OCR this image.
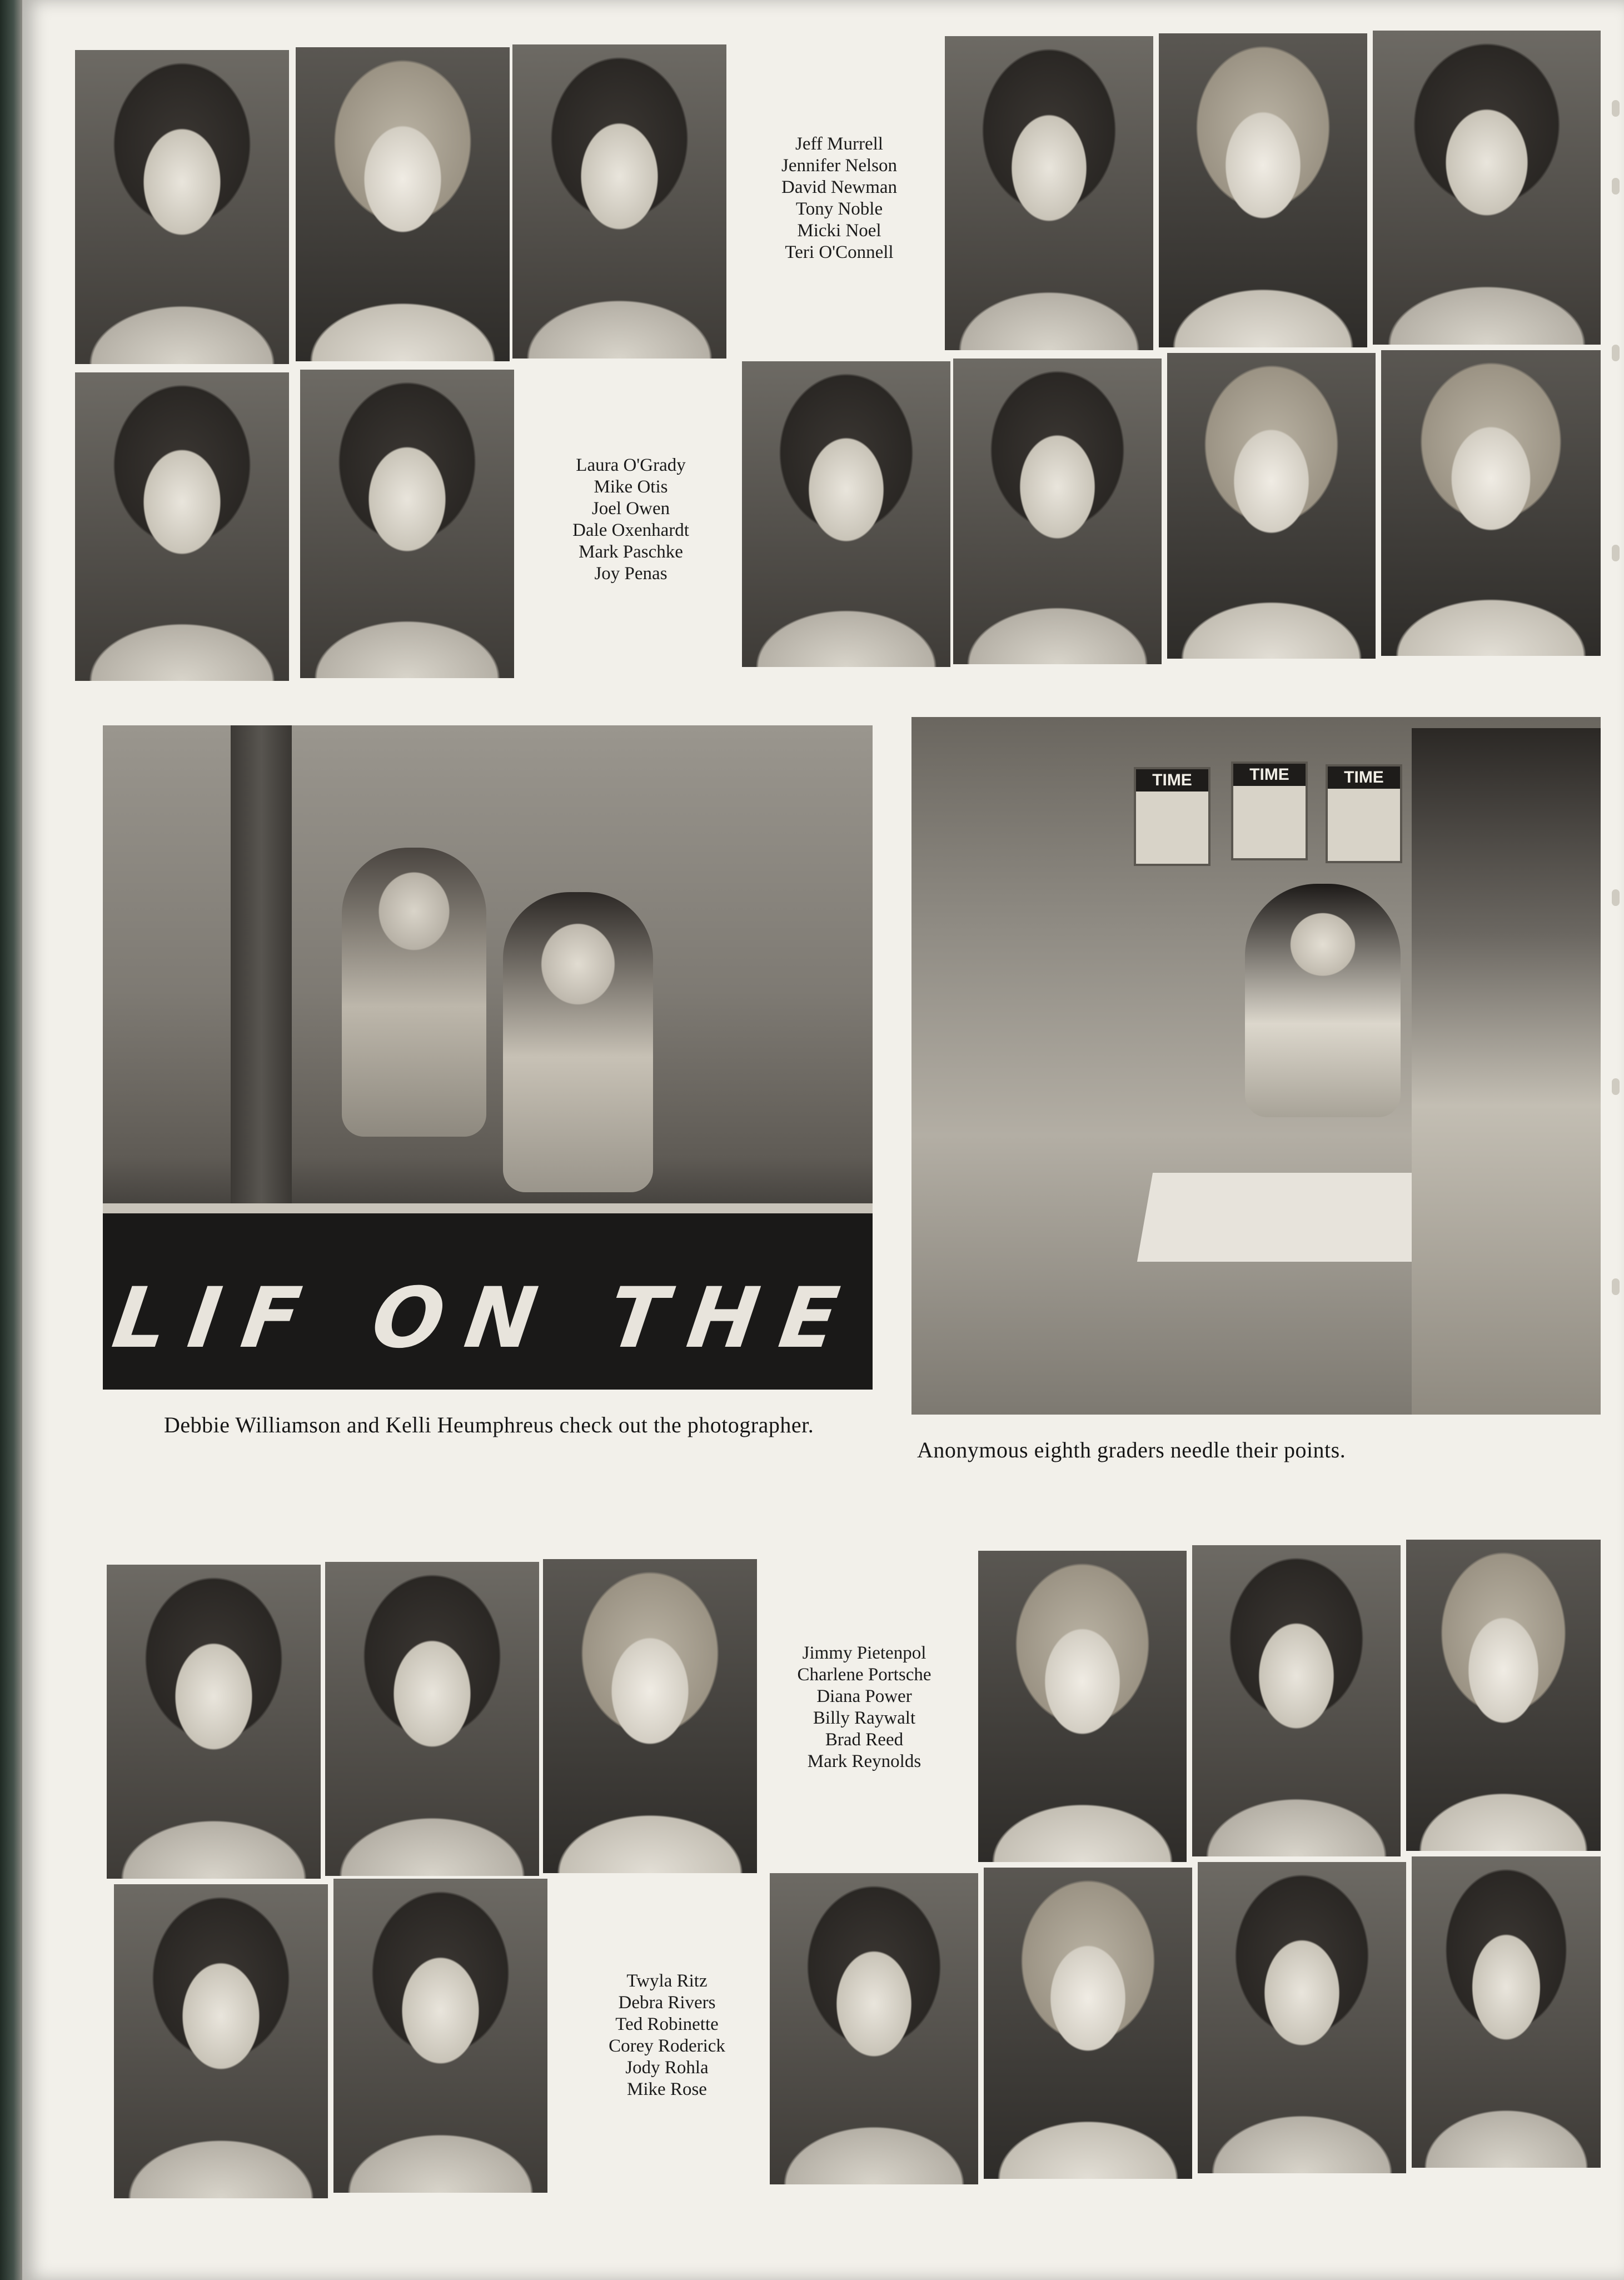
Jeff Murrell
Jennifer Nelson
David Newman
Tony Noble
Micki Noel
Teri O'Connell
Laura O'Grady
Mike Otis
Joel Owen
Dale Oxenhardt
Mark Paschke
Joy Penas
LIF ON THE
Debbie Williamson and Kelli Heumphreus check out the photographer.
TIME	TIME	TIME
Anonymous eighth graders needle their points.
Jimmy Pietenpol
Charlene Portsche
Diana Power
Billy Raywalt
Brad Reed
Mark Reynolds
Twyla Ritz
Debra Rivers
Ted Robinette
Corey Roderick
Jody Rohla
Mike Rose
